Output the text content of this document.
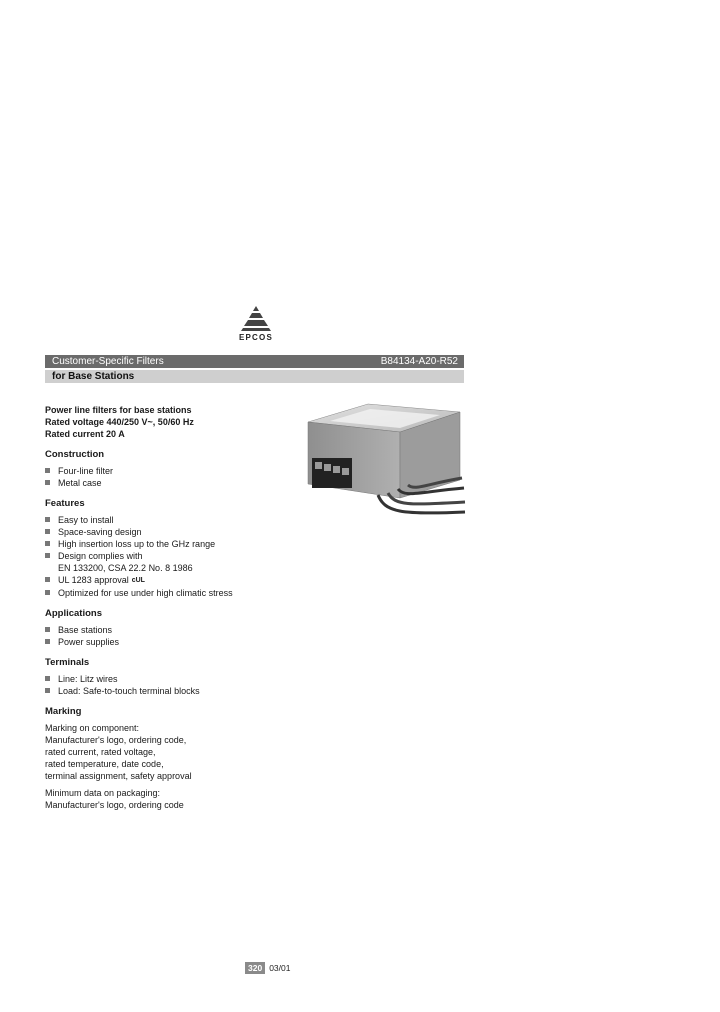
EPCOS
Customer-Specific Filters	B84134-A20-R52
for Base Stations

Power line filters for base stations

Rated voltage 440/250 V~, 50/60 Hz

Rated current 20 A

Construction
Four-line filter
Metal case
Features
Easy to install
Space-saving design
High insertion loss up to the GHz range
Design complies with
EN 133200, CSA 22.2 No. 8 1986
UL 1283 approval cUL
Optimized for use under high climatic stress
Applications
Base stations
Power supplies
Terminals
Line: Litz wires
Load: Safe-to-touch terminal blocks
Marking

Marking on component:

Manufacturer's logo, ordering code,

rated current, rated voltage,

rated temperature, date code,

terminal assignment, safety approval

Minimum data on packaging:

Manufacturer's logo, ordering code

320 03/01
